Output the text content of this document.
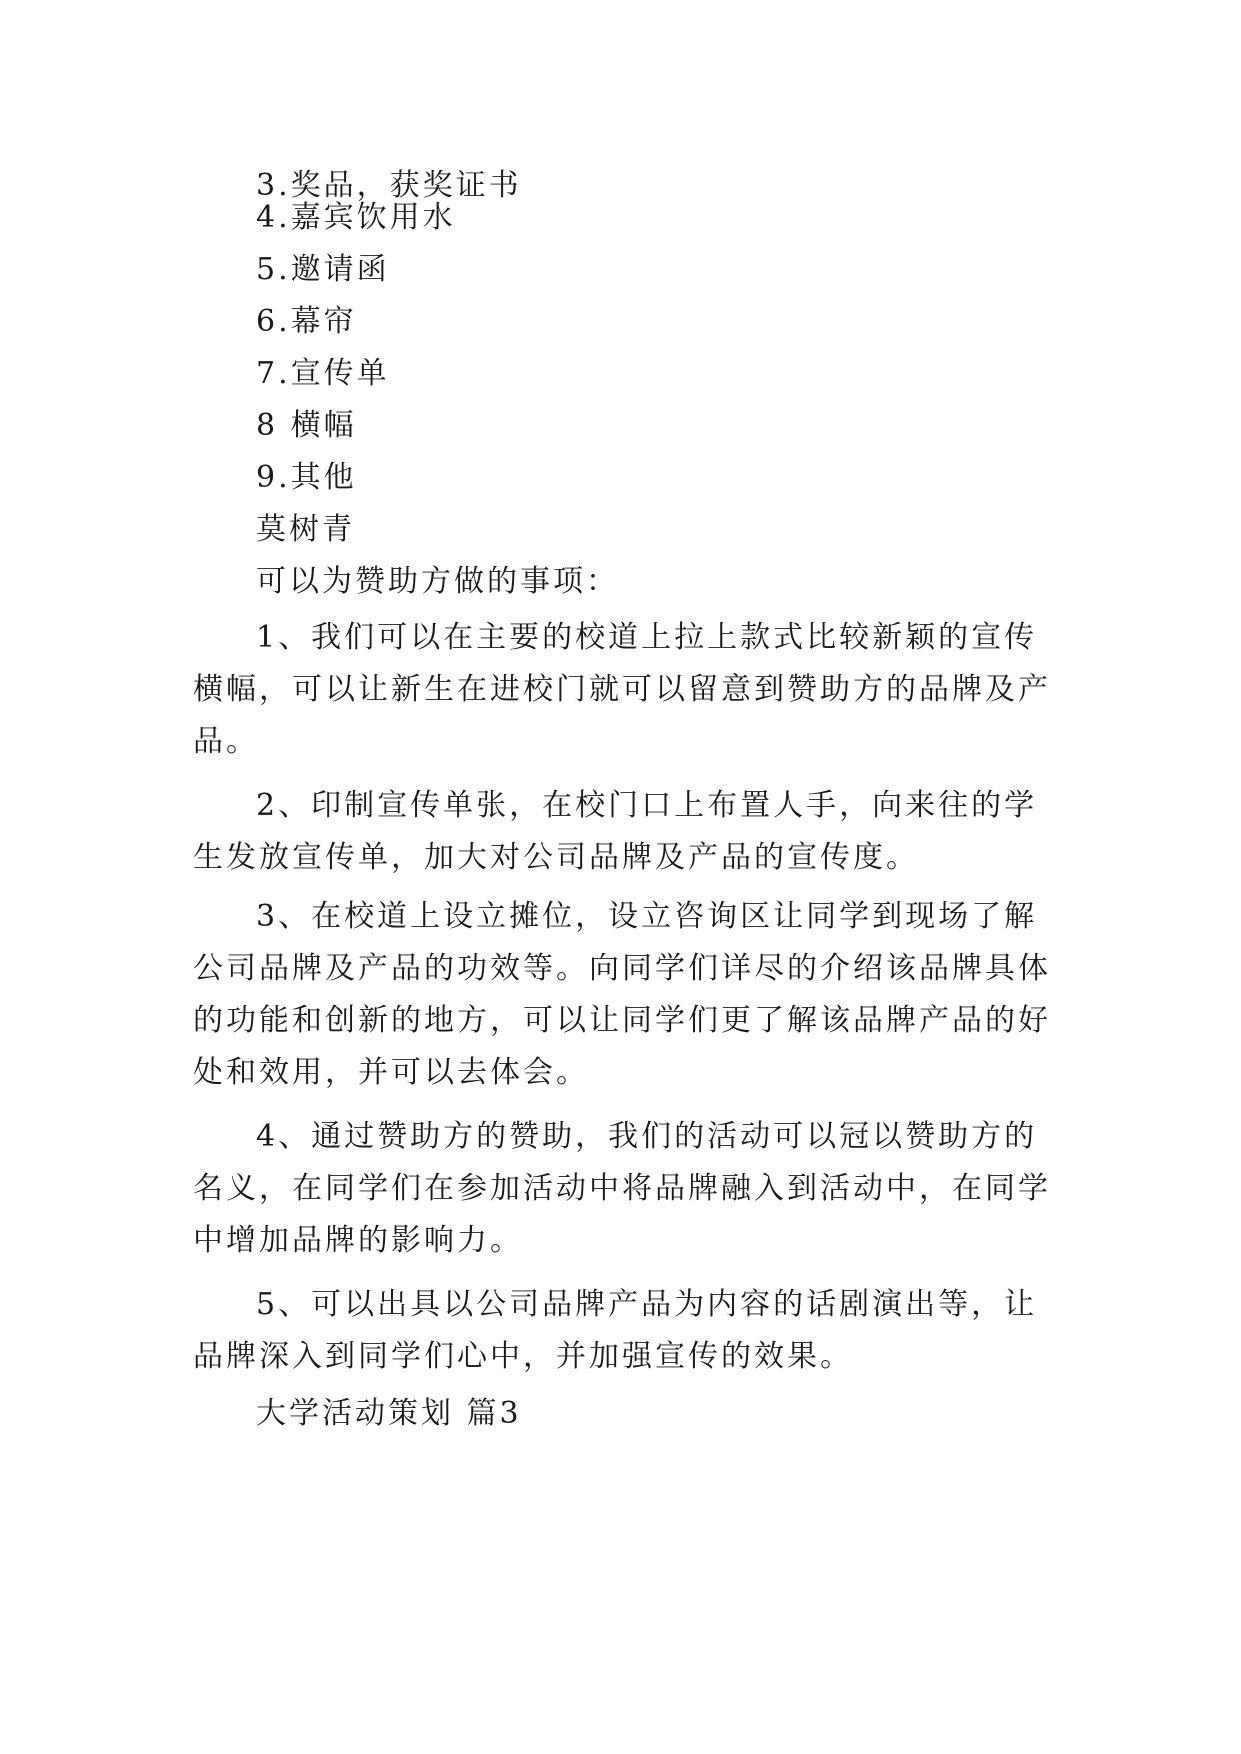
3.奖品，获奖证书
4.嘉宾饮用水
5.邀请函
6.幕帘
7.宣传单
8 横幅
9.其他
莫树青
可以为赞助方做的事项：
1、我们可以在主要的校道上拉上款式比较新颖的宣传
横幅，可以让新生在进校门就可以留意到赞助方的品牌及产
品。
2、印制宣传单张，在校门口上布置人手，向来往的学
生发放宣传单，加大对公司品牌及产品的宣传度。
3、在校道上设立摊位，设立咨询区让同学到现场了解
公司品牌及产品的功效等。向同学们详尽的介绍该品牌具体
的功能和创新的地方，可以让同学们更了解该品牌产品的好
处和效用，并可以去体会。
4、通过赞助方的赞助，我们的活动可以冠以赞助方的
名义，在同学们在参加活动中将品牌融入到活动中，在同学
中增加品牌的影响力。
5、可以出具以公司品牌产品为内容的话剧演出等，让
品牌深入到同学们心中，并加强宣传的效果。
大学活动策划 篇3
